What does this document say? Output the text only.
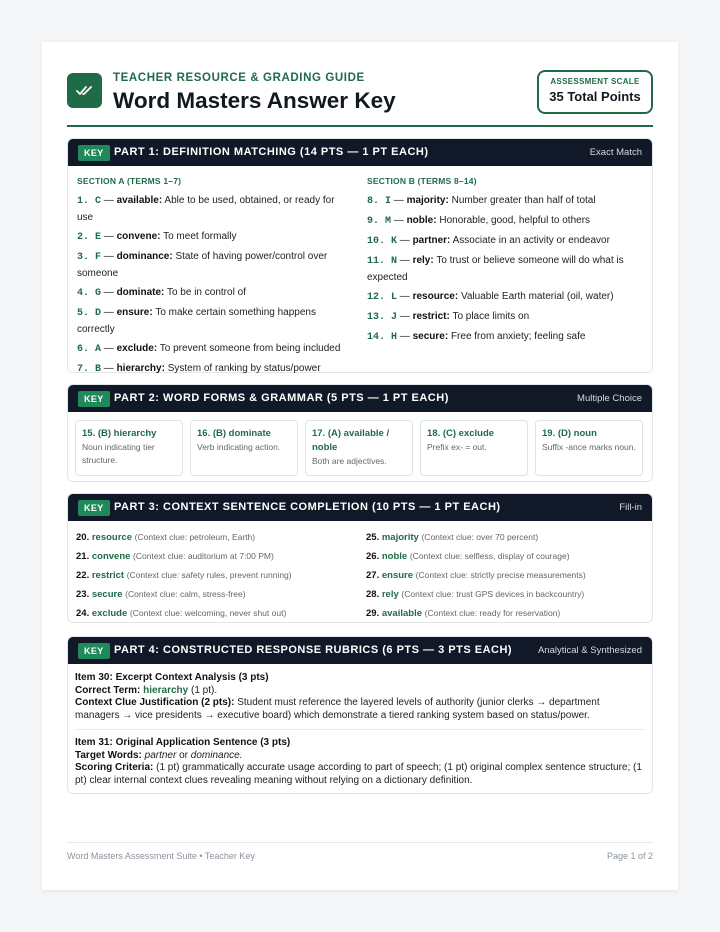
TEACHER RESOURCE & GRADING GUIDE
Word Masters Answer Key
ASSESSMENT SCALE
35 Total Points
KEY PART 1: DEFINITION MATCHING (14 PTS — 1 PT EACH)	Exact Match
SECTION A (TERMS 1–7)
1. C — available: Able to be used, obtained, or ready for use
2. E — convene: To meet formally
3. F — dominance: State of having power/control over someone
4. G — dominate: To be in control of
5. D — ensure: To make certain something happens correctly
6. A — exclude: To prevent someone from being included
7. B — hierarchy: System of ranking by status/power
SECTION B (TERMS 8–14)
8. I — majority: Number greater than half of total
9. M — noble: Honorable, good, helpful to others
10. K — partner: Associate in an activity or endeavor
11. N — rely: To trust or believe someone will do what is expected
12. L — resource: Valuable Earth material (oil, water)
13. J — restrict: To place limits on
14. H — secure: Free from anxiety; feeling safe
KEY PART 2: WORD FORMS & GRAMMAR (5 PTS — 1 PT EACH)	Multiple Choice
15. (B) hierarchy
Noun indicating tier structure.
16. (B) dominate
Verb indicating action.
17. (A) available / noble
Both are adjectives.
18. (C) exclude
Prefix ex- = out.
19. (D) noun
Suffix -ance marks noun.
KEY PART 3: CONTEXT SENTENCE COMPLETION (10 PTS — 1 PT EACH)	Fill-in
20. resource (Context clue: petroleum, Earth)
21. convene (Context clue: auditorium at 7:00 PM)
22. restrict (Context clue: safety rules, prevent running)
23. secure (Context clue: calm, stress-free)
24. exclude (Context clue: welcoming, never shut out)
25. majority (Context clue: over 70 percent)
26. noble (Context clue: selfless, display of courage)
27. ensure (Context clue: strictly precise measurements)
28. rely (Context clue: trust GPS devices in backcountry)
29. available (Context clue: ready for reservation)
KEY PART 4: CONSTRUCTED RESPONSE RUBRICS (6 PTS — 3 PTS EACH)	Analytical & Synthesized
Item 30: Excerpt Context Analysis (3 pts)
Correct Term: hierarchy (1 pt).
Context Clue Justification (2 pts): Student must reference the layered levels of authority (junior clerks → department managers → vice presidents → executive board) which demonstrate a tiered ranking system based on status/power.
Item 31: Original Application Sentence (3 pts)
Target Words: partner or dominance.
Scoring Criteria: (1 pt) grammatically accurate usage according to part of speech; (1 pt) original complex sentence structure; (1 pt) clear internal context clues revealing meaning without relying on a dictionary definition.
Word Masters Assessment Suite • Teacher Key	Page 1 of 2
